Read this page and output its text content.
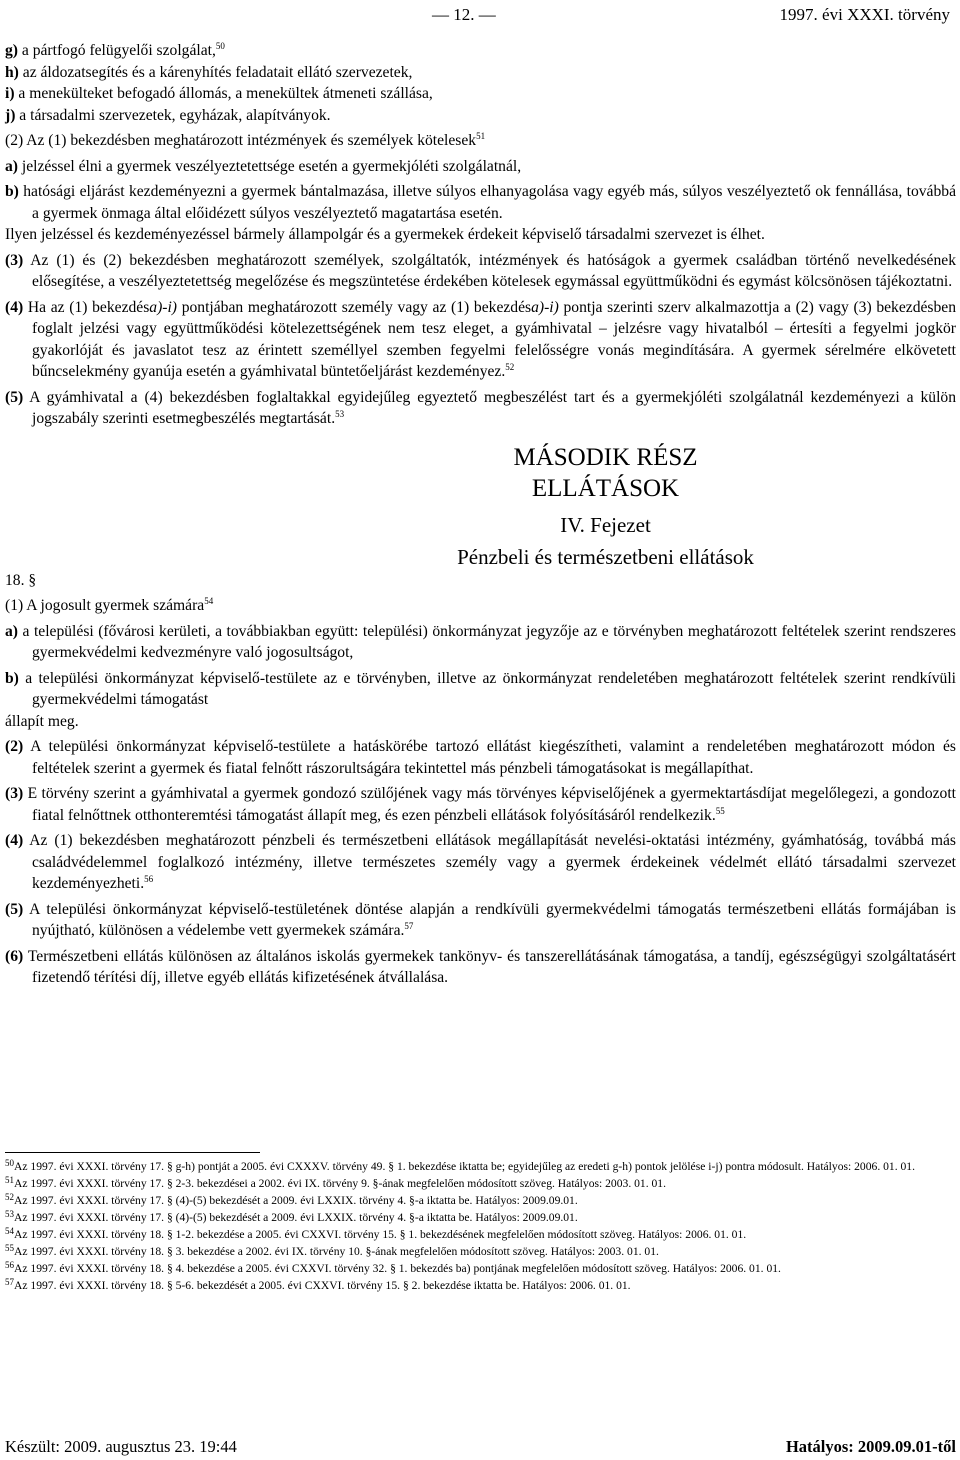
— 12. —	1997. évi XXXI. törvény

g) a pártfogó felügyelői szolgálat,$^{50}$

h) az áldozatsegítés és a kárenyhítés feladatait ellátó szervezetek,

i) a menekülteket befogadó állomás, a menekültek átmeneti szállása,

j) a társadalmi szervezetek, egyházak, alapítványok.

(2) Az (1) bekezdésben meghatározott intézmények és személyek kötelesek$^{51}$

a) jelzéssel élni a gyermek veszélyeztetettsége esetén a gyermekjóléti szolgálatnál,

b) hatósági eljárást kezdeményezni a gyermek bántalmazása, illetve súlyos elhanyagolása vagy egyéb más, súlyos veszélyeztető ok fennállása, továbbá a gyermek önmaga által előidézett súlyos veszélyeztető magatartása esetén.

Ilyen jelzéssel és kezdeményezéssel bármely állampolgár és a gyermekek érdekeit képviselő társadalmi szervezet is élhet.

(3) Az (1) és (2) bekezdésben meghatározott személyek, szolgáltatók, intézmények és hatóságok a gyermek családban történő nevelkedésének elősegítése, a veszélyeztetettség megelőzése és megszüntetése érdekében kötelesek egymással együttműködni és egymást kölcsönösen tájékoztatni.

(4) Ha az (1) bekezdésa)-i) pontjában meghatározott személy vagy az (1) bekezdésa)-i) pontja szerinti szerv alkalmazottja a (2) vagy (3) bekezdésben foglalt jelzési vagy együttműködési kötelezettségének nem tesz eleget, a gyámhivatal – jelzésre vagy hivatalból – értesíti a fegyelmi jogkör gyakorlóját és javaslatot tesz az érintett személlyel szemben fegyelmi felelősségre vonás megindítására. A gyermek sérelmére elkövetett bűncselekmény gyanúja esetén a gyámhivatal büntetőeljárást kezdeményez.$^{52}$

(5) A gyámhivatal a (4) bekezdésben foglaltakkal egyidejűleg egyeztető megbeszélést tart és a gyermekjóléti szolgálatnál kezdeményezi a külön jogszabály szerinti esetmegbeszélés megtartását.$^{53}$

MÁSODIK RÉSZ
ELLÁTÁSOK
IV. Fejezet
Pénzbeli és természetbeni ellátások

18. §

(1) A jogosult gyermek számára$^{54}$

a) a települési (fővárosi kerületi, a továbbiakban együtt: települési) önkormányzat jegyzője az e törvényben meghatározott feltételek szerint rendszeres gyermekvédelmi kedvezményre való jogosultságot,

b) a települési önkormányzat képviselő-testülete az e törvényben, illetve az önkormányzat rendeletében meghatározott feltételek szerint rendkívüli gyermekvédelmi támogatást

állapít meg.

(2) A települési önkormányzat képviselő-testülete a hatáskörébe tartozó ellátást kiegészítheti, valamint a rendeletében meghatározott módon és feltételek szerint a gyermek és fiatal felnőtt rászorultságára tekintettel más pénzbeli támogatásokat is megállapíthat.

(3) E törvény szerint a gyámhivatal a gyermek gondozó szülőjének vagy más törvényes képviselőjének a gyermektartásdíjat megelőlegezi, a gondozott fiatal felnőttnek otthonteremtési támogatást állapít meg, és ezen pénzbeli ellátások folyósításáról rendelkezik.$^{55}$

(4) Az (1) bekezdésben meghatározott pénzbeli és természetbeni ellátások megállapítását nevelési-oktatási intézmény, gyámhatóság, továbbá más családvédelemmel foglalkozó intézmény, illetve természetes személy vagy a gyermek érdekeinek védelmét ellátó társadalmi szervezet kezdeményezheti.$^{56}$

(5) A települési önkormányzat képviselő-testületének döntése alapján a rendkívüli gyermekvédelmi támogatás természetbeni ellátás formájában is nyújtható, különösen a védelembe vett gyermekek számára.$^{57}$

(6) Természetbeni ellátás különösen az általános iskolás gyermekek tankönyv- és tanszerellátásának támogatása, a tandíj, egészségügyi szolgáltatásért fizetendő térítési díj, illetve egyéb ellátás kifizetésének átvállalása.

$^{50}$Az 1997. évi XXXI. törvény 17. § g-h) pontját a 2005. évi CXXXV. törvény 49. § 1. bekezdése iktatta be; egyidejűleg az eredeti g-h) pontok jelölése i-j) pontra módosult. Hatályos: 2006. 01. 01.

$^{51}$Az 1997. évi XXXI. törvény 17. § 2-3. bekezdései a 2002. évi IX. törvény 9. §-ának megfelelően módosított szöveg. Hatályos: 2003. 01. 01.

$^{52}$Az 1997. évi XXXI. törvény 17. § (4)-(5) bekezdését a 2009. évi LXXIX. törvény 4. §-a iktatta be. Hatályos: 2009.09.01.

$^{53}$Az 1997. évi XXXI. törvény 17. § (4)-(5) bekezdését a 2009. évi LXXIX. törvény 4. §-a iktatta be. Hatályos: 2009.09.01.

$^{54}$Az 1997. évi XXXI. törvény 18. § 1-2. bekezdése a 2005. évi CXXVI. törvény 15. § 1. bekezdésének megfelelően módosított szöveg. Hatályos: 2006. 01. 01.

$^{55}$Az 1997. évi XXXI. törvény 18. § 3. bekezdése a 2002. évi IX. törvény 10. §-ának megfelelően módosított szöveg. Hatályos: 2003. 01. 01.

$^{56}$Az 1997. évi XXXI. törvény 18. § 4. bekezdése a 2005. évi CXXVI. törvény 32. § 1. bekezdés ba) pontjának megfelelően módosított szöveg. Hatályos: 2006. 01. 01.

$^{57}$Az 1997. évi XXXI. törvény 18. § 5-6. bekezdését a 2005. évi CXXVI. törvény 15. § 2. bekezdése iktatta be. Hatályos: 2006. 01. 01.

Készült: 2009. augusztus 23. 19:44	Hatályos: 2009.09.01-től
